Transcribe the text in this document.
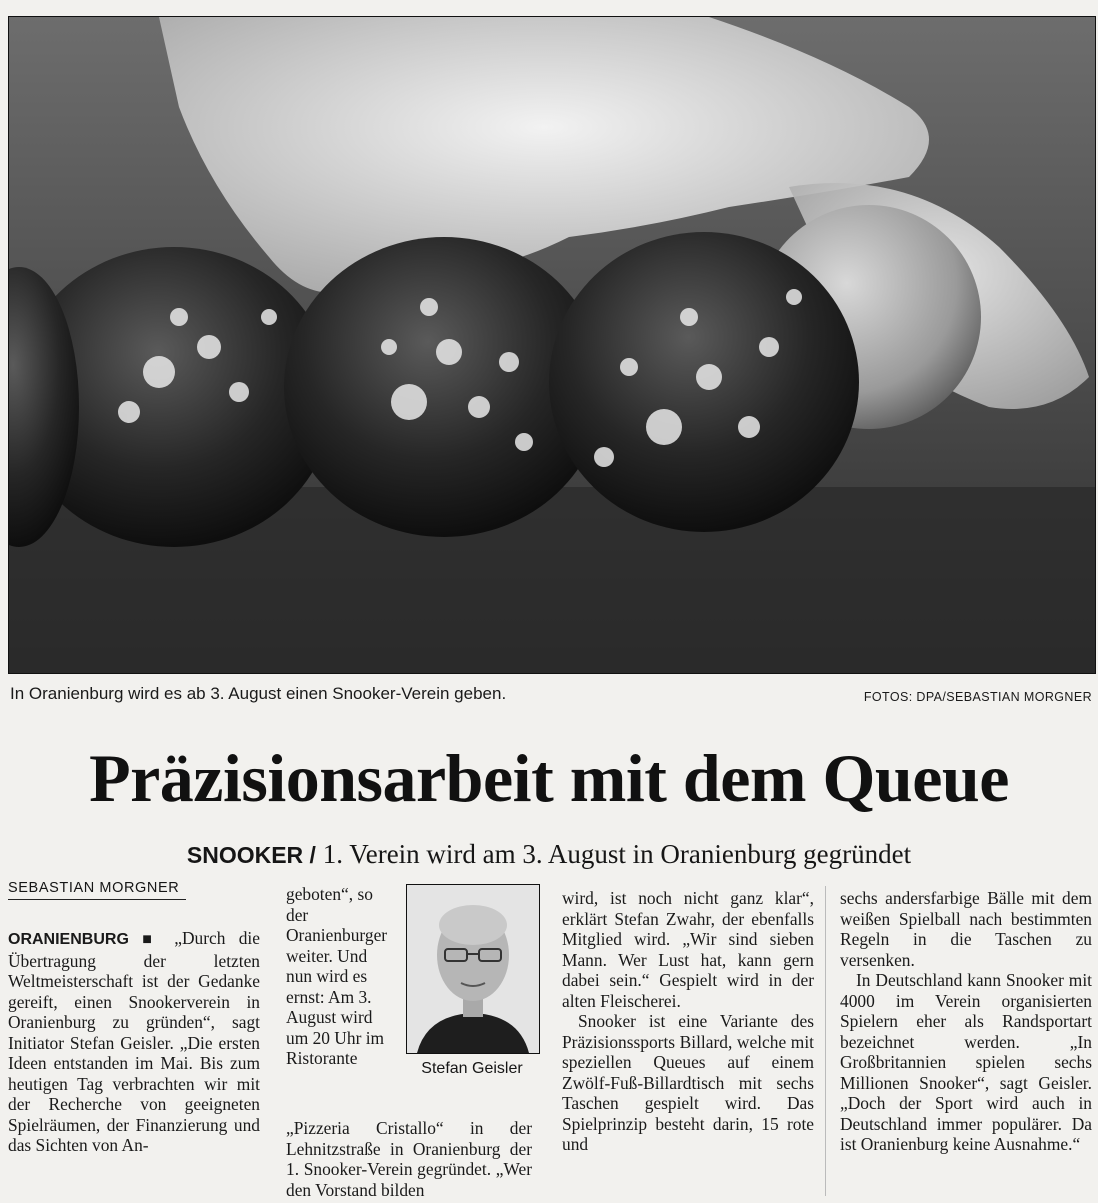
In Oranienburg wird es ab 3. August einen Snooker-Verein geben.	FOTOS: DPA/SEBASTIAN MORGNER
Präzisionsarbeit mit dem Queue
SNOOKER / 1. Verein wird am 3. August in Oranienburg gegründet
SEBASTIAN MORGNER

ORANIENBURG ■ „Durch die Übertragung der letzten Weltmeisterschaft ist der Gedanke gereift, einen Snookerverein in Oranienburg zu gründen“, sagt Initiator Stefan Geisler. „Die ersten Ideen entstanden im Mai. Bis zum heutigen Tag verbrachten wir mit der Recherche von geeigneten Spielräumen, der Finanzierung und das Sichten von An-

geboten“, so der Oranienburger weiter. Und nun wird es ernst: Am 3. August wird um 20 Uhr im Ristorante

Stefan Geisler

„Pizzeria Cristallo“ in der Lehnitzstraße in Oranienburg der 1. Snooker-Verein gegründet. „Wer den Vorstand bilden

wird, ist noch nicht ganz klar“, erklärt Stefan Zwahr, der ebenfalls Mitglied wird. „Wir sind sieben Mann. Wer Lust hat, kann gern dabei sein.“ Gespielt wird in der alten Fleischerei.

Snooker ist eine Variante des Präzisionssports Billard, welche mit speziellen Queues auf einem Zwölf-Fuß-Billardtisch mit sechs Taschen gespielt wird. Das Spielprinzip besteht darin, 15 rote und

sechs andersfarbige Bälle mit dem weißen Spielball nach bestimmten Regeln in die Taschen zu versenken.

In Deutschland kann Snooker mit 4000 im Verein organisierten Spielern eher als Randsportart bezeichnet werden. „In Großbritannien spielen sechs Millionen Snooker“, sagt Geisler. „Doch der Sport wird auch in Deutschland immer populärer. Da ist Oranienburg keine Ausnahme.“
